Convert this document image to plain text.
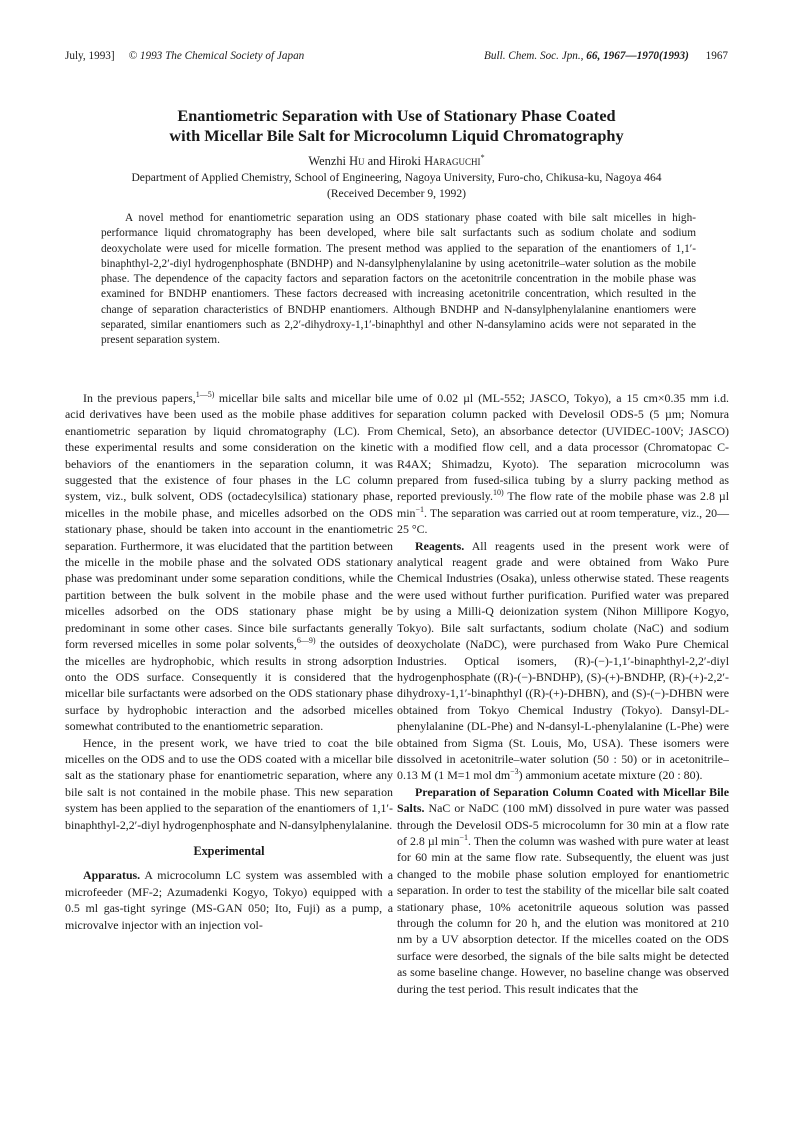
July, 1993] © 1993 The Chemical Society of Japan	Bull. Chem. Soc. Jpn., 66, 1967—1970(1993) 1967
Enantiometric Separation with Use of Stationary Phase Coated
with Micellar Bile Salt for Microcolumn Liquid Chromatography
Wenzhi Hu and Hiroki Haraguchi*
Department of Applied Chemistry, School of Engineering, Nagoya University, Furo-cho, Chikusa-ku, Nagoya 464
(Received December 9, 1992)

A novel method for enantiometric separation using an ODS stationary phase coated with bile salt micelles in high-performance liquid chromatography has been developed, where bile salt surfactants such as sodium cholate and sodium deoxycholate were used for micelle formation. The present method was applied to the separation of the enantiomers of 1,1′-binaphthyl-2,2′-diyl hydrogenphosphate (BNDHP) and N-dansylphenylalanine by using acetonitrile–water solution as the mobile phase. The dependence of the capacity factors and separation factors on the acetonitrile concentration in the mobile phase was examined for BNDHP enantiomers. These factors decreased with increasing acetonitrile concentration, which resulted in the change of separation characteristics of BNDHP enantiomers. Although BNDHP and N-dansylphenylalanine enantiomers were separated, similar enantiomers such as 2,2′-dihydroxy-1,1′-binaphthyl and other N-dansylamino acids were not separated in the present separation system.

In the previous papers,$^{1—5)}$ micellar bile salts and micellar bile acid derivatives have been used as the mobile phase additives for enantiometric separation by liquid chromatography (LC). From these experimental results and some consideration on the kinetic behaviors of the enantiomers in the separation column, it was suggested that the existence of four phases in the LC column system, viz., bulk solvent, ODS (octadecylsilica) stationary phase, micelles in the mobile phase, and micelles adsorbed on the ODS stationary phase, should be taken into account in the enantiometric separation. Furthermore, it was elucidated that the partition between the micelle in the mobile phase and the solvated ODS stationary phase was predominant under some separation conditions, while the partition between the bulk solvent in the mobile phase and the micelles adsorbed on the ODS stationary phase might be predominant in some other cases. Since bile surfactants generally form reversed micelles in some polar solvents,$^{6—9)}$ the outsides of the micelles are hydrophobic, which results in strong adsorption onto the ODS surface. Consequently it is considered that the micellar bile surfactants were adsorbed on the ODS stationary phase surface by hydrophobic interaction and the adsorbed micelles somewhat contributed to the enantiometric separation.

Hence, in the present work, we have tried to coat the bile micelles on the ODS and to use the ODS coated with a micellar bile salt as the stationary phase for enantiometric separation, where any bile salt is not contained in the mobile phase. This new separation system has been applied to the separation of the enantiomers of 1,1′-binaphthyl-2,2′-diyl hydrogenphosphate and N-dansylphenylalanine.

Experimental

Apparatus. A microcolumn LC system was assembled with a microfeeder (MF-2; Azumadenki Kogyo, Tokyo) equipped with a 0.5 ml gas-tight syringe (MS-GAN 050; Ito, Fuji) as a pump, a microvalve injector with an injection vol-

ume of 0.02 µl (ML-552; JASCO, Tokyo), a 15 cm×0.35 mm i.d. separation column packed with Develosil ODS-5 (5 µm; Nomura Chemical, Seto), an absorbance detector (UVIDEC-100V; JASCO) with a modified flow cell, and a data processor (Chromatopac C-R4AX; Shimadzu, Kyoto). The separation microcolumn was prepared from fused-silica tubing by a slurry packing method as reported previously.$^{10)}$ The flow rate of the mobile phase was 2.8 µl $\min^{-1}$. The separation was carried out at room temperature, viz., 20—25 °C.

Reagents. All reagents used in the present work were of analytical reagent grade and were obtained from Wako Pure Chemical Industries (Osaka), unless otherwise stated. These reagents were used without further purification. Purified water was prepared by using a Milli-Q deionization system (Nihon Millipore Kogyo, Tokyo). Bile salt surfactants, sodium cholate (NaC) and sodium deoxycholate (NaDC), were purchased from Wako Pure Chemical Industries. Optical isomers, (R)-(−)-1,1′-binaphthyl-2,2′-diyl hydrogenphosphate ((R)-(−)-BNDHP), (S)-(+)-BNDHP, (R)-(+)-2,2′-dihydroxy-1,1′-binaphthyl ((R)-(+)-DHBN), and (S)-(−)-DHBN were obtained from Tokyo Chemical Industry (Tokyo). Dansyl-DL-phenylalanine (DL-Phe) and N-dansyl-L-phenylalanine (L-Phe) were obtained from Sigma (St. Louis, Mo, USA). These isomers were dissolved in acetonitrile–water solution (50 : 50) or in acetonitrile–0.13 M (1 M=1 mol $dm^{-3}$) ammonium acetate mixture (20 : 80).

Preparation of Separation Column Coated with Micellar Bile Salts. NaC or NaDC (100 mM) dissolved in pure water was passed through the Develosil ODS-5 microcolumn for 30 min at a flow rate of 2.8 µl $\min^{-1}$. Then the column was washed with pure water at least for 60 min at the same flow rate. Subsequently, the eluent was just changed to the mobile phase solution employed for enantiometric separation. In order to test the stability of the micellar bile salt coated stationary phase, 10% acetonitrile aqueous solution was passed through the column for 20 h, and the elution was monitored at 210 nm by a UV absorption detector. If the micelles coated on the ODS surface were desorbed, the signals of the bile salts might be detected as some baseline change. However, no baseline change was observed during the test period. This result indicates that the
